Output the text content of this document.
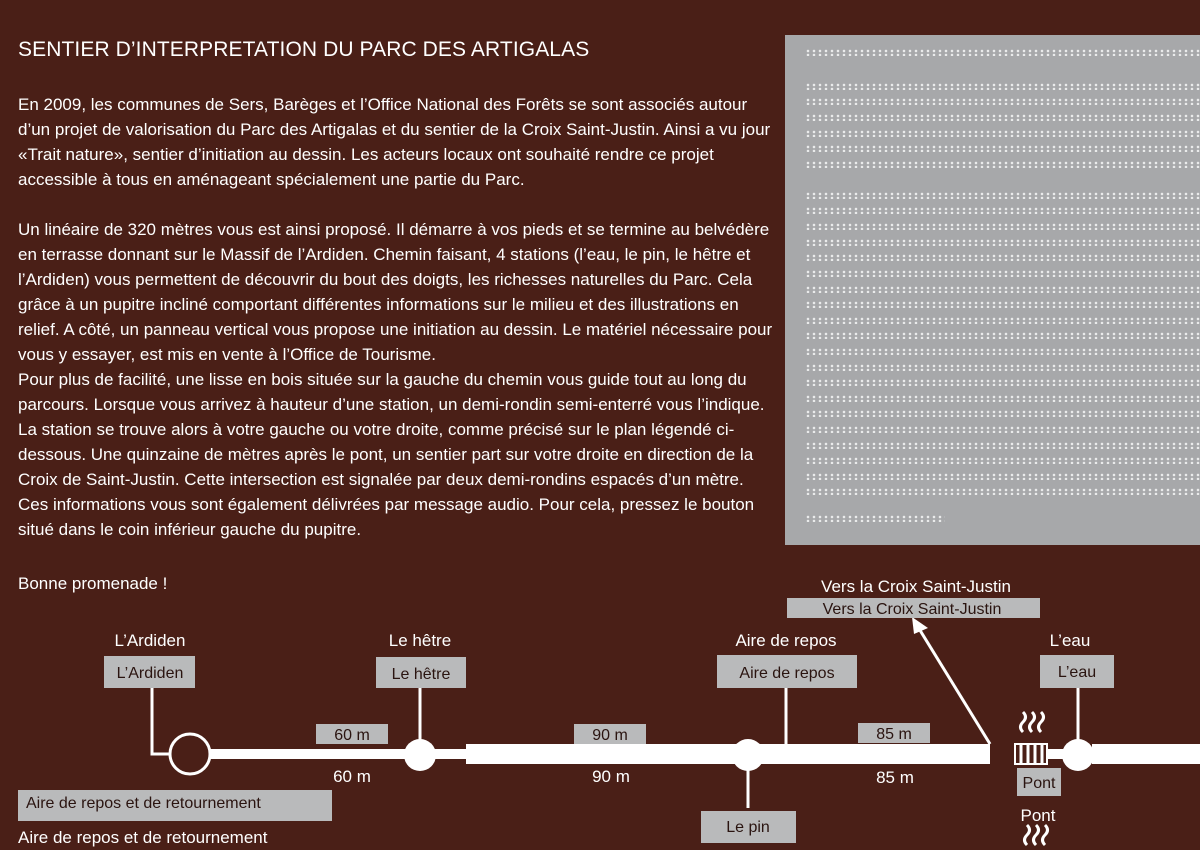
SENTIER D’INTERPRETATION DU PARC DES ARTIGALAS

En 2009, les communes de Sers, Barèges et l’Office National des Forêts se sont associés autour d’un projet de valorisation du Parc des Artigalas et du sentier de la Croix Saint-Justin. Ainsi a vu jour «Trait nature», sentier d’initiation au dessin. Les acteurs locaux ont souhaité rendre ce projet accessible à tous en aménageant spécialement une partie du Parc.

Un linéaire de 320 mètres vous est ainsi proposé. Il démarre à vos pieds et se termine au belvédère en terrasse donnant sur le Massif de l’Ardiden. Chemin faisant, 4 stations (l’eau, le pin, le hêtre et l’Ardiden) vous permettent de découvrir du bout des doigts, les richesses naturelles du Parc. Cela grâce à un pupitre incliné comportant différentes informations sur le milieu et des illustrations en relief. A côté, un panneau vertical vous propose une initiation au dessin. Le matériel nécessaire pour vous y essayer, est mis en vente à l’Office de Tourisme.

Pour plus de facilité, une lisse en bois située sur la gauche du chemin vous guide tout au long du parcours. Lorsque vous arrivez à hauteur d’une station, un demi-rondin semi-enterré vous l’indique. La station se trouve alors à votre gauche ou votre droite, comme précisé sur le plan légendé ci-dessous. Une quinzaine de mètres après le pont, un sentier part sur votre droite en direction de la Croix de Saint-Justin. Cette intersection est signalée par deux demi-rondins espacés d’un mètre. Ces informations vous sont également délivrées par message audio. Pour cela, pressez le bouton situé dans le coin inférieur gauche du pupitre.

Bonne promenade !

L’Ardiden	Le hêtre	Aire de repos	L’eau
Vers la Croix Saint-Justin
60 m	90 m	85 m
Pont
Aire de repos et de retournement
L’Ardiden	Le hêtre	Aire de repos	L’eau
Vers la Croix Saint-Justin
60 m	90 m	85 m
Pont
Le pin
Aire de repos et de retournement
